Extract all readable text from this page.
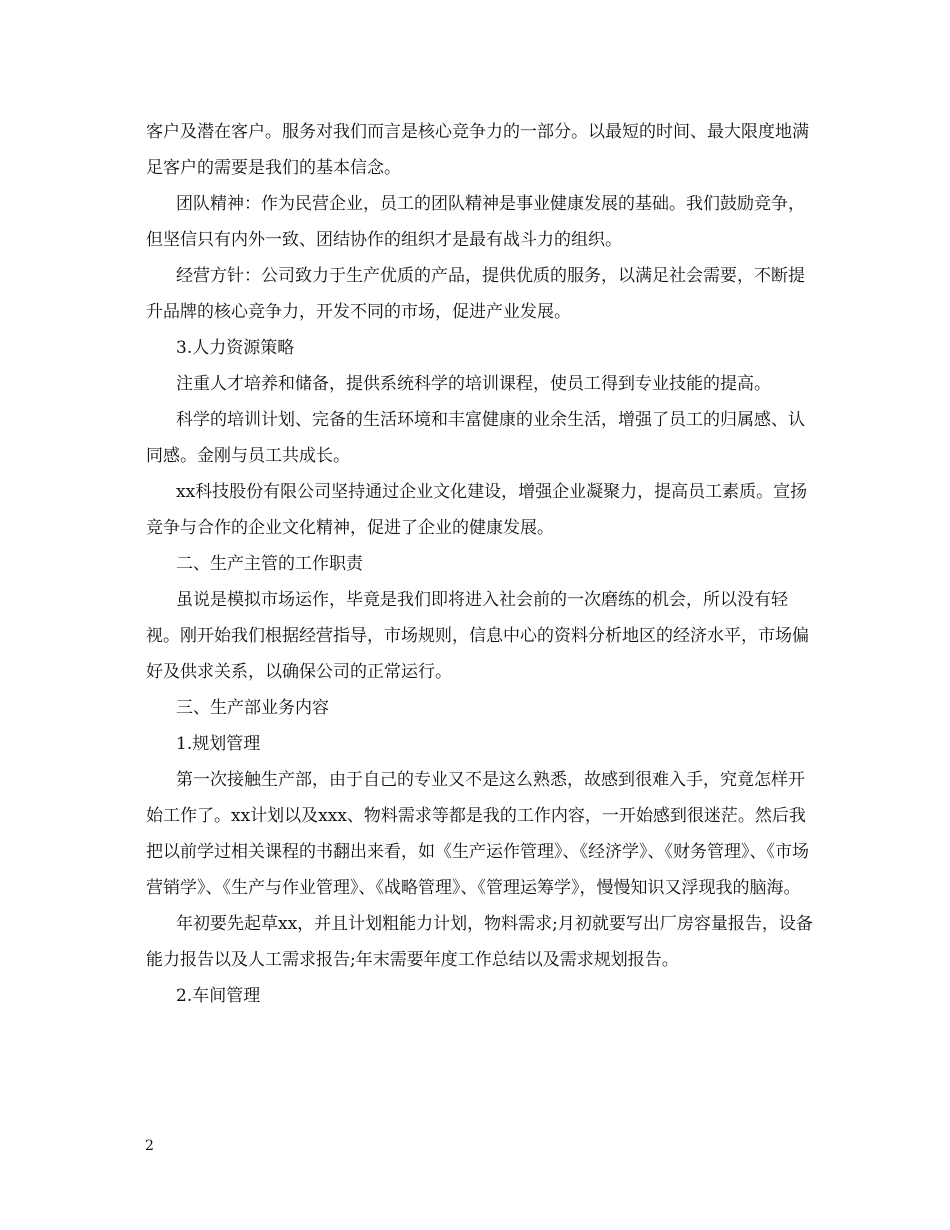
客户及潜在客户。服务对我们而言是核心竞争力的一部分。以最短的时间、最大限度地满足客户的需要是我们的基本信念。

团队精神：作为民营企业，员工的团队精神是事业健康发展的基础。我们鼓励竞争，但坚信只有内外一致、团结协作的组织才是最有战斗力的组织。

经营方针：公司致力于生产优质的产品，提供优质的服务，以满足社会需要，不断提升品牌的核心竞争力，开发不同的市场，促进产业发展。

3.人力资源策略

注重人才培养和储备，提供系统科学的培训课程，使员工得到专业技能的提高。

科学的培训计划、完备的生活环境和丰富健康的业余生活，增强了员工的归属感、认同感。金刚与员工共成长。

xx科技股份有限公司坚持通过企业文化建设，增强企业凝聚力，提高员工素质。宣扬竞争与合作的企业文化精神，促进了企业的健康发展。

二、生产主管的工作职责

虽说是模拟市场运作，毕竟是我们即将进入社会前的一次磨练的机会，所以没有轻视。刚开始我们根据经营指导，市场规则，信息中心的资料分析地区的经济水平，市场偏好及供求关系，以确保公司的正常运行。

三、生产部业务内容

1.规划管理

第一次接触生产部，由于自己的专业又不是这么熟悉，故感到很难入手，究竟怎样开始工作了。xx计划以及xxx、物料需求等都是我的工作内容，一开始感到很迷茫。然后我把以前学过相关课程的书翻出来看，如《生产运作管理》、《经济学》、《财务管理》、《市场营销学》、《生产与作业管理》、《战略管理》、《管理运筹学》，慢慢知识又浮现我的脑海。

年初要先起草xx，并且计划粗能力计划，物料需求;月初就要写出厂房容量报告，设备能力报告以及人工需求报告;年末需要年度工作总结以及需求规划报告。

2.车间管理

2
